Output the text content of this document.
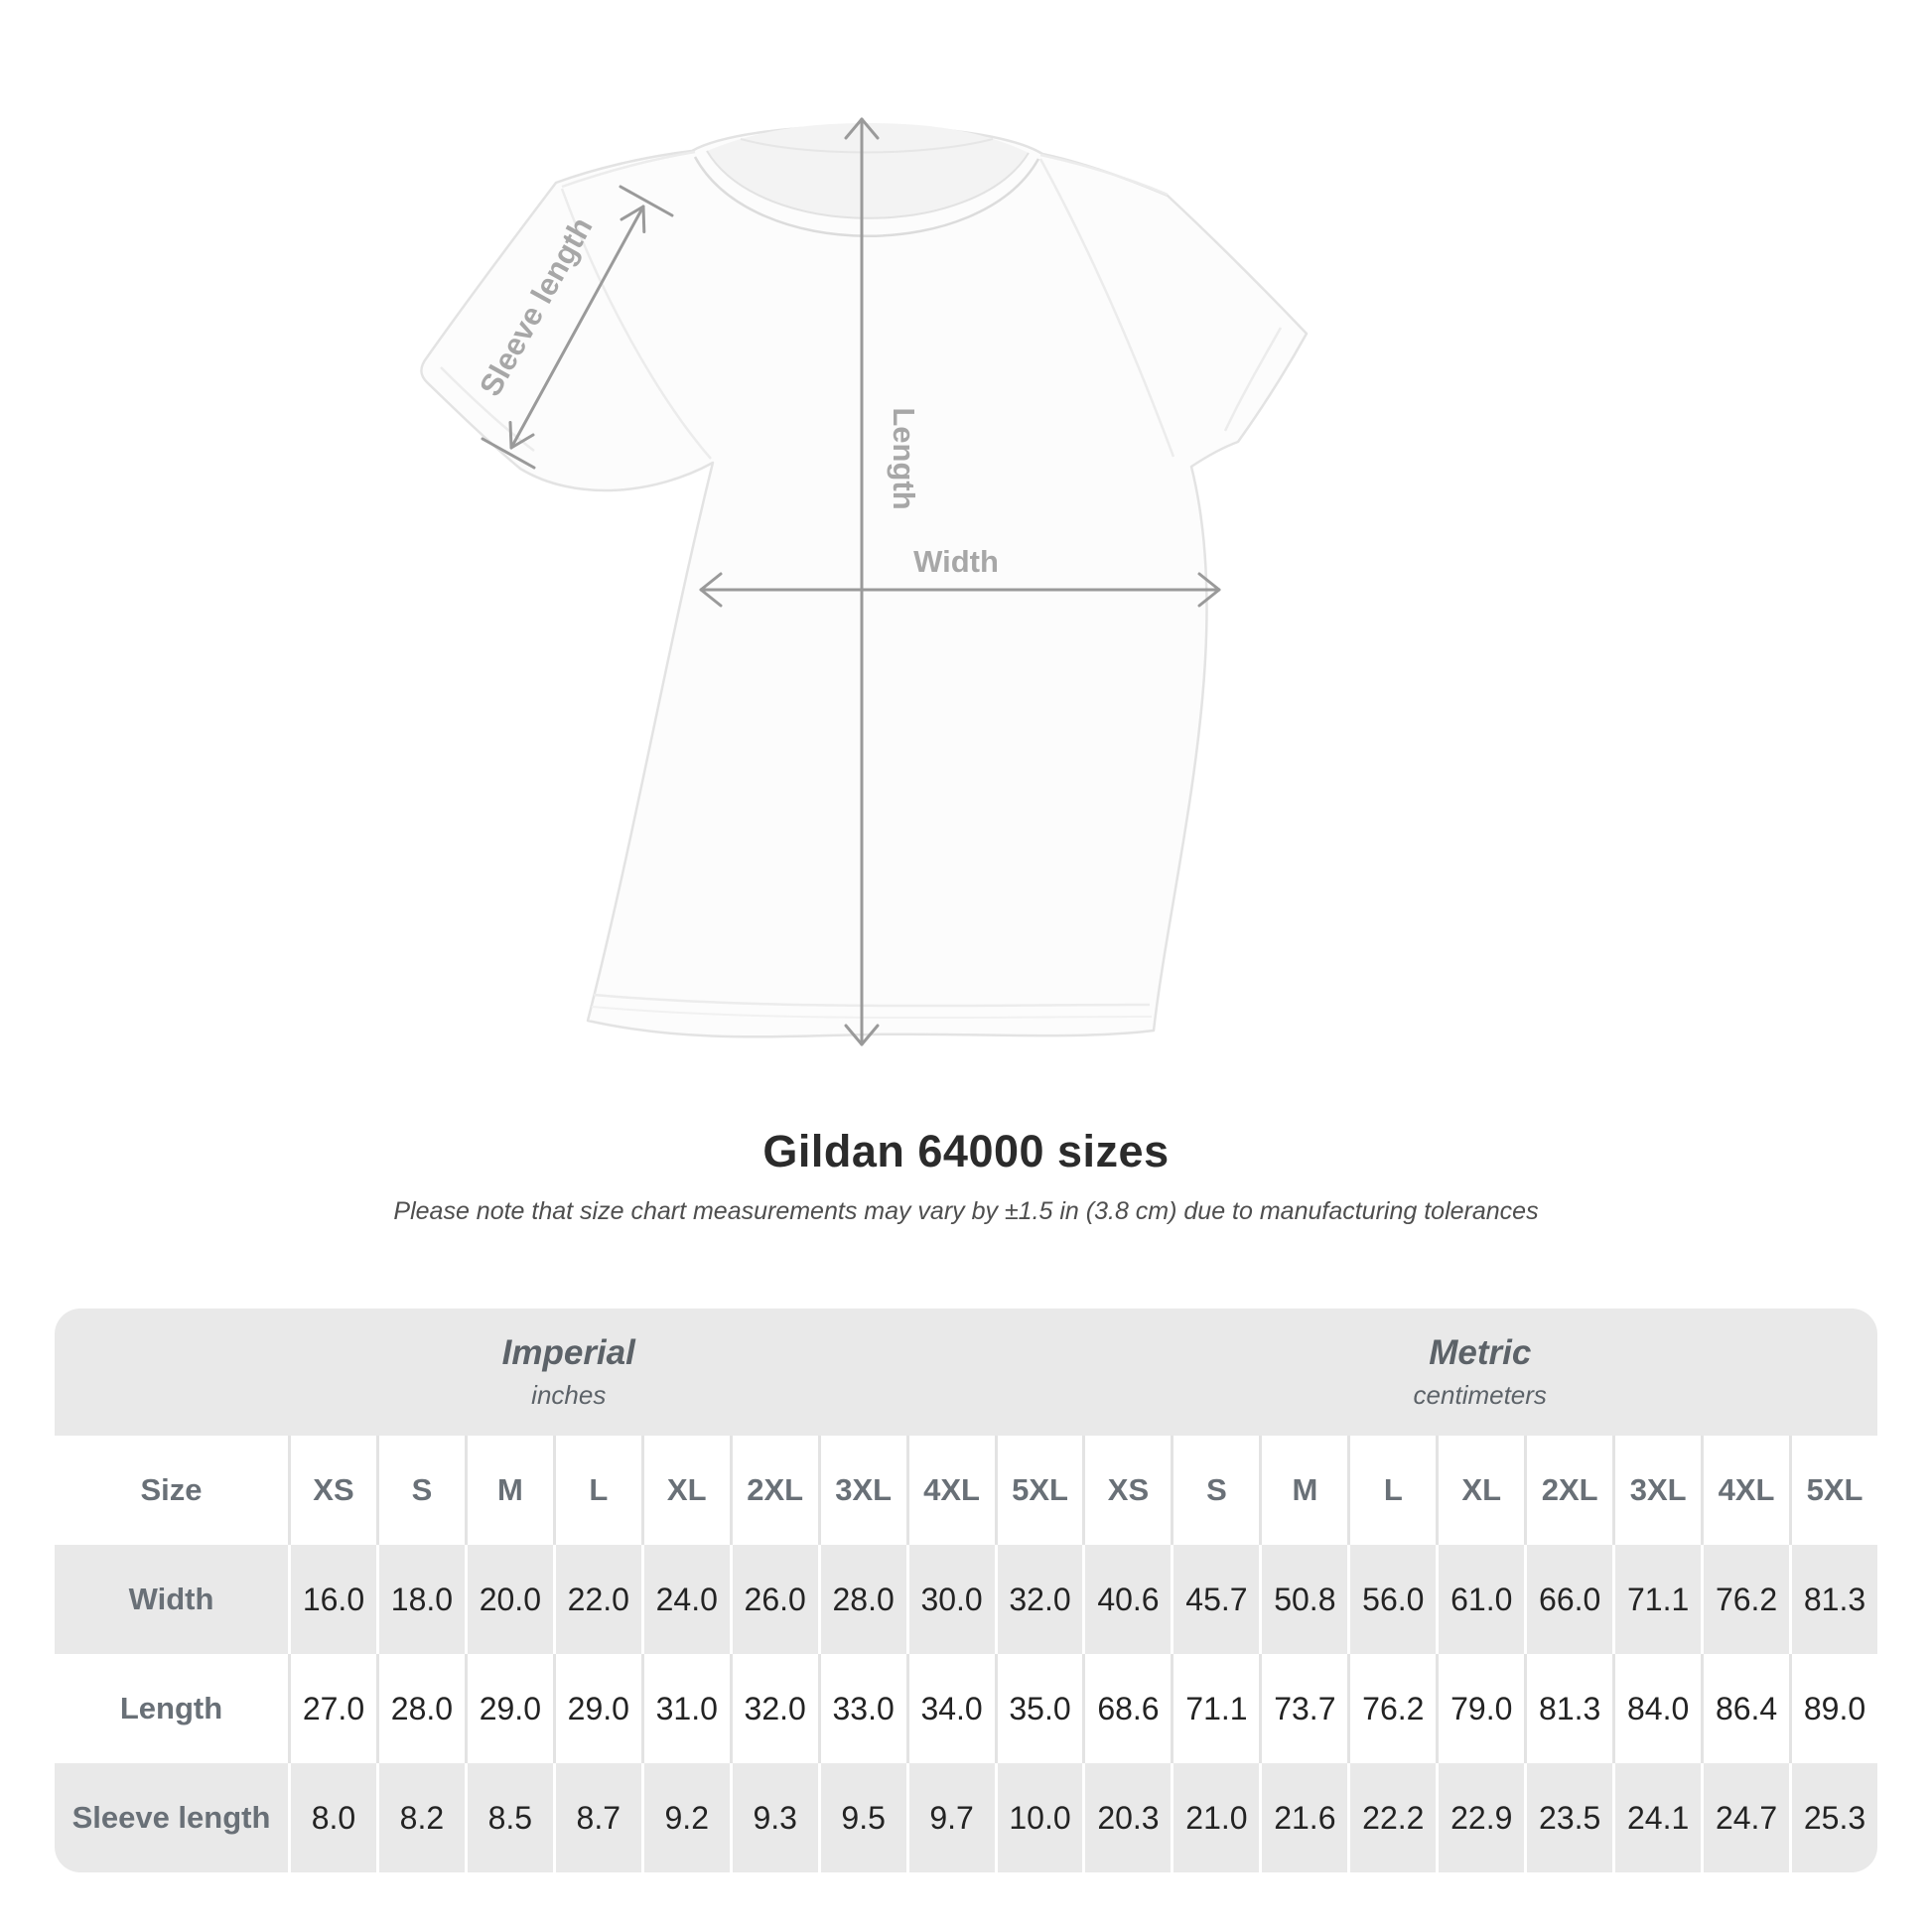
Sleeve length
Length
Width
Gildan 64000 sizes

Please note that size chart measurements may vary by ±1.5 in (3.8 cm) due to manufacturing tolerances

Imperial
inches
Metric
centimeters
Size	XS	S	M	L	XL	2XL	3XL	4XL	5XL	XS	S	M	L	XL	2XL	3XL	4XL	5XL
Width	16.0 18.0 20.0 22.0 24.0 26.0 28.0 30.0 32.0 40.6 45.7 50.8 56.0 61.0 66.0 71.1 76.2 81.3
Length	27.0 28.0 29.0 29.0 31.0 32.0 33.0 34.0 35.0 68.6 71.1 73.7 76.2 79.0 81.3 84.0 86.4 89.0
Sleeve length	8.0	8.2	8.5	8.7	9.2	9.3	9.5	9.7	10.0 20.3 21.0 21.6 22.2 22.9 23.5 24.1 24.7 25.3
